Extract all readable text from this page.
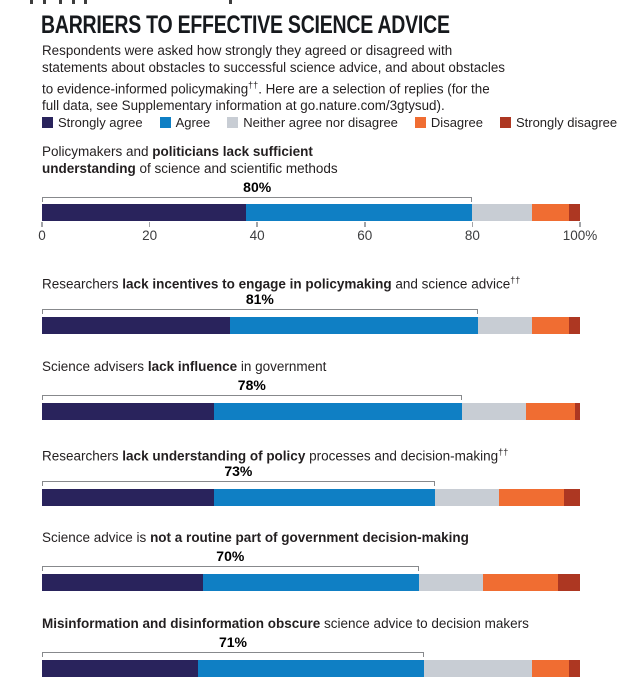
BARRIERS TO EFFECTIVE SCIENCE ADVICE
Respondents were asked how strongly they agreed or disagreed with
statements about obstacles to successful science advice, and about obstacles
to evidence-informed policymaking††. Here are a selection of replies (for the
full data, see Supplementary information at go.nature.com/3gtysud).
Strongly agree	Agree	Neither agree nor disagree	Disagree	Strongly disagree
Policymakers and politicians lack sufficient
understanding of science and scientific methods
80%
0	20	40	60	80	100%
Researchers lack incentives to engage in policymaking and science advice††
81%
Science advisers lack influence in government
78%
Researchers lack understanding of policy processes and decision-making††
73%
Science advice is not a routine part of government decision-making
70%
Misinformation and disinformation obscure science advice to decision makers
71%
